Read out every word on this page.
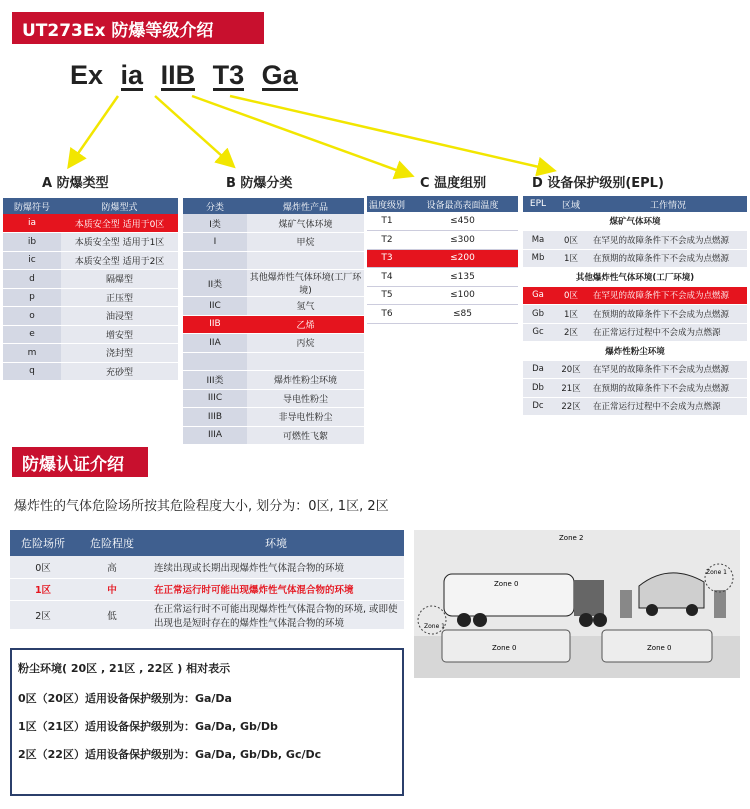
UT273Ex 防爆等级介绍
Ex ia IIB T3 Ga
A 防爆类型	B 防爆分类	C 温度组别	D 设备保护级别(EPL)
防爆符号	防爆型式
ia	本质安全型 适用于0区
ib	本质安全型 适用于1区
ic	本质安全型 适用于2区
d	隔爆型
p	正压型
o	油浸型
e	增安型
m	浇封型
q	充砂型
分类	爆炸性产品
I类	煤矿气体环境
I	甲烷

II类	其他爆炸性气体环境(工厂环境)
IIC	氢气
IIB	乙烯
IIA	丙烷

III类	爆炸性粉尘环境
IIIC	导电性粉尘
IIIB	非导电性粉尘
IIIA	可燃性飞絮
温度级别	设备最高表面温度
T1	≤450
T2	≤300
T3	≤200
T4	≤135
T5	≤100
T6	≤85
EPL	区域	工作情况
煤矿气体环境		
Ma	0区	在罕见的故障条件下不会成为点燃源
Mb	1区	在预期的故障条件下不会成为点燃源
其他爆炸性气体环境(工厂环境)		
Ga	0区	在罕见的故障条件下不会成为点燃源
Gb	1区	在预期的故障条件下不会成为点燃源
Gc	2区	在正常运行过程中不会成为点燃源
爆炸性粉尘环境		
Da	20区	在罕见的故障条件下不会成为点燃源
Db	21区	在预期的故障条件下不会成为点燃源
Dc	22区	在正常运行过程中不会成为点燃源
防爆认证介绍
爆炸性的气体危险场所按其危险程度大小, 划分为：0区, 1区, 2区
危险场所	危险程度	环境
0区	高	连续出现或长期出现爆炸性气体混合物的环境
1区	中	在正常运行时可能出现爆炸性气体混合物的环境
2区	低	在正常运行时不可能出现爆炸性气体混合物的环境, 或即使出现也是短时存在的爆炸性气体混合物的环境
粉尘环境( 20区 , 21区 , 22区 ) 相对表示
0区（20区）适用设备保护级别为：Ga/Da
1区（21区）适用设备保护级别为：Ga/Da, Gb/Db
2区（22区）适用设备保护级别为：Ga/Da, Gb/Db, Gc/Dc
Zone 2
Zone 0	Zone 0
Zone 0
Zone 1
Zone 1
